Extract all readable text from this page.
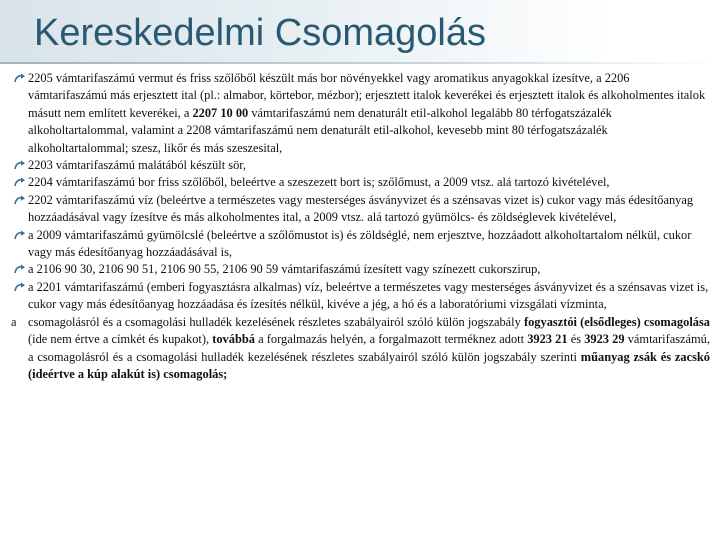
Kereskedelmi Csomagolás

2205 vámtarifaszámú vermut és friss szőlőből készült más bor növényekkel vagy aromatikus anyagokkal ízesítve, a 2206 vámtarifaszámú más erjesztett ital (pl.: almabor, körtebor, mézbor); erjesztett italok keverékei és erjesztett italok és alkoholmentes italok másutt nem említett keverékei, a 2207 10 00 vámtarifaszámú nem denaturált etil-alkohol legalább 80 térfogatszázalék alkoholtartalommal, valamint a 2208 vámtarifaszámú nem denaturált etil-alkohol, kevesebb mint 80 térfogatszázalék alkoholtartalommal; szesz, likőr és más szeszesital,

2203 vámtarifaszámú malátából készült sör,

2204 vámtarifaszámú bor friss szőlőből, beleértve a szeszezett bort is; szőlőmust, a 2009 vtsz. alá tartozó kivételével,

2202 vámtarifaszámú víz (beleértve a természetes vagy mesterséges ásványvizet és a szénsavas vizet is) cukor vagy más édesítőanyag hozzáadásával vagy ízesítve és más alkoholmentes ital, a 2009 vtsz. alá tartozó gyümölcs- és zöldséglevek kivételével,

a 2009 vámtarifaszámú gyümölcslé (beleértve a szőlőmustot is) és zöldséglé, nem erjesztve, hozzáadott alkoholtartalom nélkül, cukor vagy más édesítőanyag hozzáadásával is,

a 2106 90 30, 2106 90 51, 2106 90 55, 2106 90 59 vámtarifaszámú ízesített vagy színezett cukorszirup,

a 2201 vámtarifaszámú (emberi fogyasztásra alkalmas) víz, beleértve a természetes vagy mesterséges ásványvizet és a szénsavas vizet is, cukor vagy más édesítőanyag hozzáadása és ízesítés nélkül, kivéve a jég, a hó és a laboratóriumi vizsgálati vízminta,

a csomagolásról és a csomagolási hulladék kezelésének részletes szabályairól szóló külön jogszabály fogyasztói (elsődleges) csomagolása (ide nem értve a címkét és kupakot), továbbá a forgalmazás helyén, a forgalmazott terméknez adott 3923 21 és 3923 29 vámtarifaszámú, a csomagolásról és a csomagolási hulladék kezelésének részletes szabályairól szóló külön jogszabály szerinti műanyag zsák és zacskó (ideértve a kúp alakút is) csomagolás;
